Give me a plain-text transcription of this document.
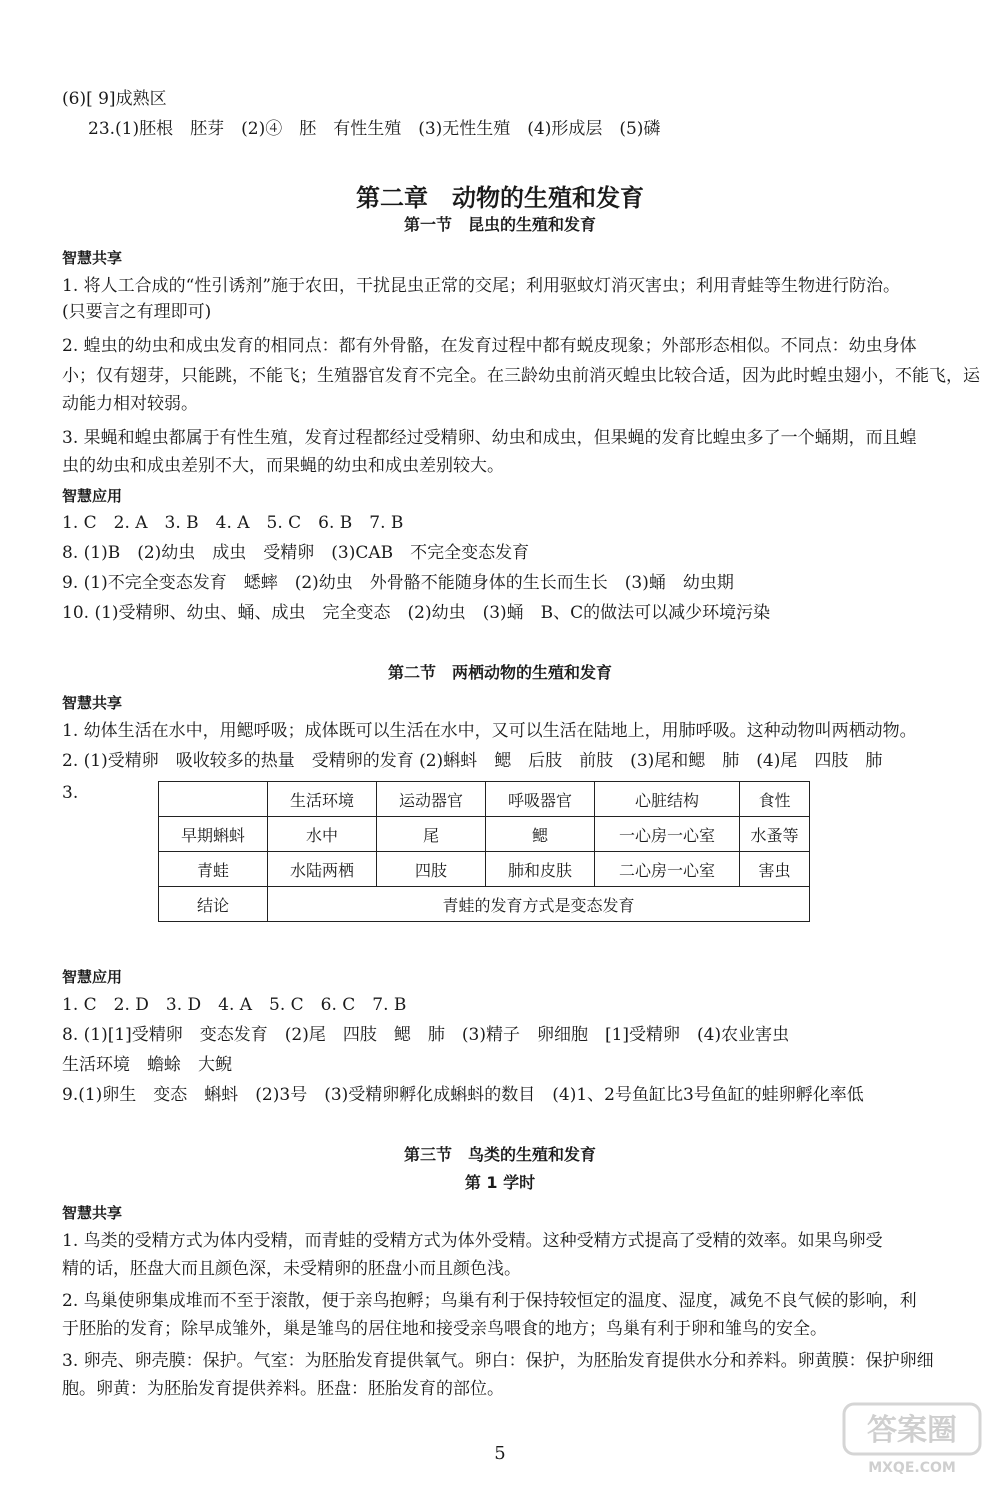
(6)[ 9]成熟区
23.(1)胚根　胚芽　(2)④　胚　有性生殖　(3)无性生殖　(4)形成层　(5)磷
第二章　动物的生殖和发育
第一节　昆虫的生殖和发育
智慧共享
1. 将人工合成的“性引诱剂”施于农田，干扰昆虫正常的交尾；利用驱蚊灯消灭害虫；利用青蛙等生物进行防治。
(只要言之有理即可)
2. 蝗虫的幼虫和成虫发育的相同点：都有外骨骼，在发育过程中都有蜕皮现象；外部形态相似。不同点：幼虫身体
小；仅有翅芽，只能跳，不能飞；生殖器官发育不完全。在三龄幼虫前消灭蝗虫比较合适，因为此时蝗虫翅小，不能飞，运
动能力相对较弱。
3. 果蝇和蝗虫都属于有性生殖，发育过程都经过受精卵、幼虫和成虫，但果蝇的发育比蝗虫多了一个蛹期，而且蝗
虫的幼虫和成虫差别不大，而果蝇的幼虫和成虫差别较大。
智慧应用
1. C　2. A　3. B　4. A　5. C　6. B　7. B
8. (1)B　(2)幼虫　成虫　受精卵　(3)CAB　不完全变态发育
9. (1)不完全变态发育　蟋蟀　(2)幼虫　外骨骼不能随身体的生长而生长　(3)蛹　幼虫期
10. (1)受精卵、幼虫、蛹、成虫　完全变态　(2)幼虫　(3)蛹　B、C的做法可以减少环境污染
第二节　两栖动物的生殖和发育
智慧共享
1. 幼体生活在水中，用鳃呼吸；成体既可以生活在水中，又可以生活在陆地上，用肺呼吸。这种动物叫两栖动物。
2. (1)受精卵　吸收较多的热量　受精卵的发育 (2)蝌蚪　鳃　后肢　前肢　(3)尾和鳃　肺　(4)尾　四肢　肺
3.
		生活环境	运动器官	呼吸器官	心脏结构	食性
早期蝌蚪	水中	尾	鳃	一心房一心室	水蚤等
青蛙	水陆两栖	四肢	肺和皮肤	二心房一心室	害虫
结论	青蛙的发育方式是变态发育				
智慧应用
1. C　2. D　3. D　4. A　5. C　6. C　7. B
8. (1)[1]受精卵　变态发育　(2)尾　四肢　鳃　肺　(3)精子　卵细胞　[1]受精卵　(4)农业害虫
生活环境　蟾蜍　大鲵
9.(1)卵生　变态　蝌蚪　(2)3号　(3)受精卵孵化成蝌蚪的数目　(4)1、2号鱼缸比3号鱼缸的蛙卵孵化率低
第三节　鸟类的生殖和发育
第 1 学时
智慧共享
1. 鸟类的受精方式为体内受精，而青蛙的受精方式为体外受精。这种受精方式提高了受精的效率。如果鸟卵受
精的话，胚盘大而且颜色深，未受精卵的胚盘小而且颜色浅。
2. 鸟巢使卵集成堆而不至于滚散，便于亲鸟抱孵；鸟巢有利于保持较恒定的温度、湿度，减免不良气候的影响，利
于胚胎的发育；除早成雏外，巢是雏鸟的居住地和接受亲鸟喂食的地方；鸟巢有利于卵和雏鸟的安全。
3. 卵壳、卵壳膜：保护。气室：为胚胎发育提供氧气。卵白：保护，为胚胎发育提供水分和养料。卵黄膜：保护卵细
胞。卵黄：为胚胎发育提供养料。胚盘：胚胎发育的部位。
5
答案圈
MXQE.COM
